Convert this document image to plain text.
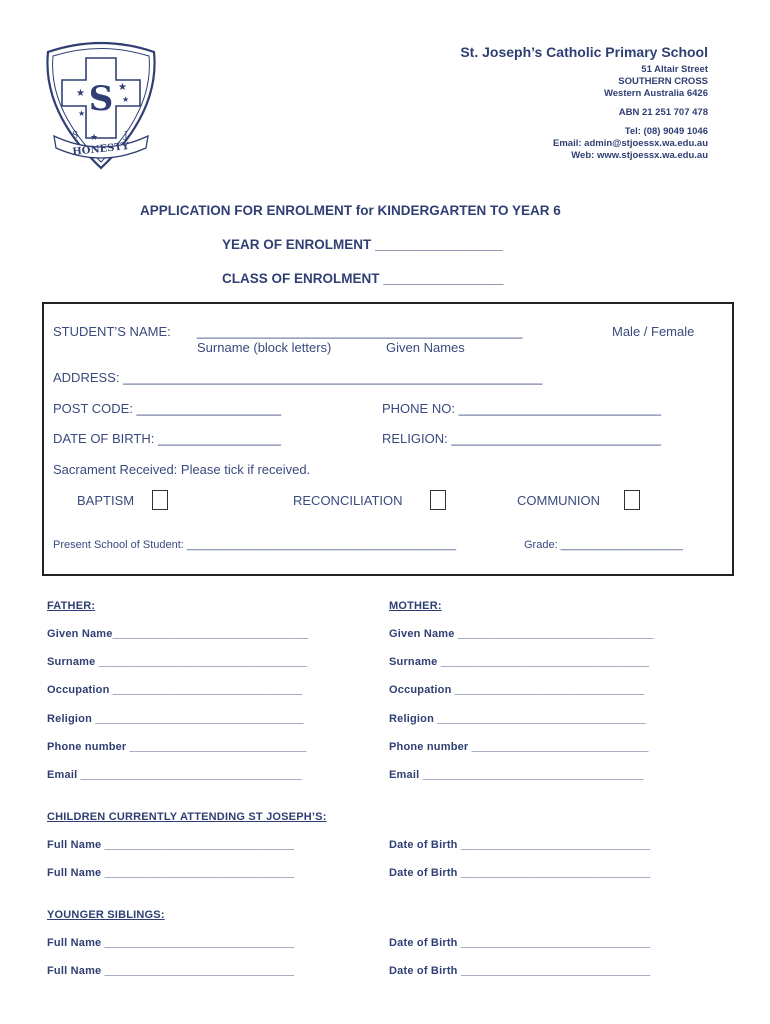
S
★
★
★
★
★
S	J
HONESTY
St. Joseph’s Catholic Primary School
51 Altair Street
SOUTHERN CROSS
Western Australia 6426
ABN 21 251 707 478
Tel: (08) 9049 1046
Email: admin@stjoessx.wa.edu.au
Web: www.stjoessx.wa.edu.au
APPLICATION FOR ENROLMENT for KINDERGARTEN TO YEAR 6
YEAR OF ENROLMENT _________________
CLASS OF ENROLMENT ________________
STUDENT’S NAME: _____________________________________________	Male / Female
Surname (block letters)	Given Names
ADDRESS: __________________________________________________________
POST CODE: ____________________	PHONE NO: ____________________________
DATE OF BIRTH: _________________	RELIGION: _____________________________
Sacrament Received: Please tick if received.
BAPTISM	RECONCILIATION	COMMUNION
Present School of Student: ____________________________________________	Grade: ____________________
FATHER:	MOTHER:
Given Name_______________________________	Given Name _______________________________
Surname _________________________________	Surname _________________________________
Occupation ______________________________	Occupation ______________________________
Religion _________________________________	Religion _________________________________
Phone number ____________________________	Phone number ____________________________
Email ___________________________________	Email ___________________________________
CHILDREN CURRENTLY ATTENDING ST JOSEPH’S:
Full Name ______________________________	Date of Birth ______________________________
Full Name ______________________________	Date of Birth ______________________________
YOUNGER SIBLINGS:
Full Name ______________________________	Date of Birth ______________________________
Full Name ______________________________	Date of Birth ______________________________
